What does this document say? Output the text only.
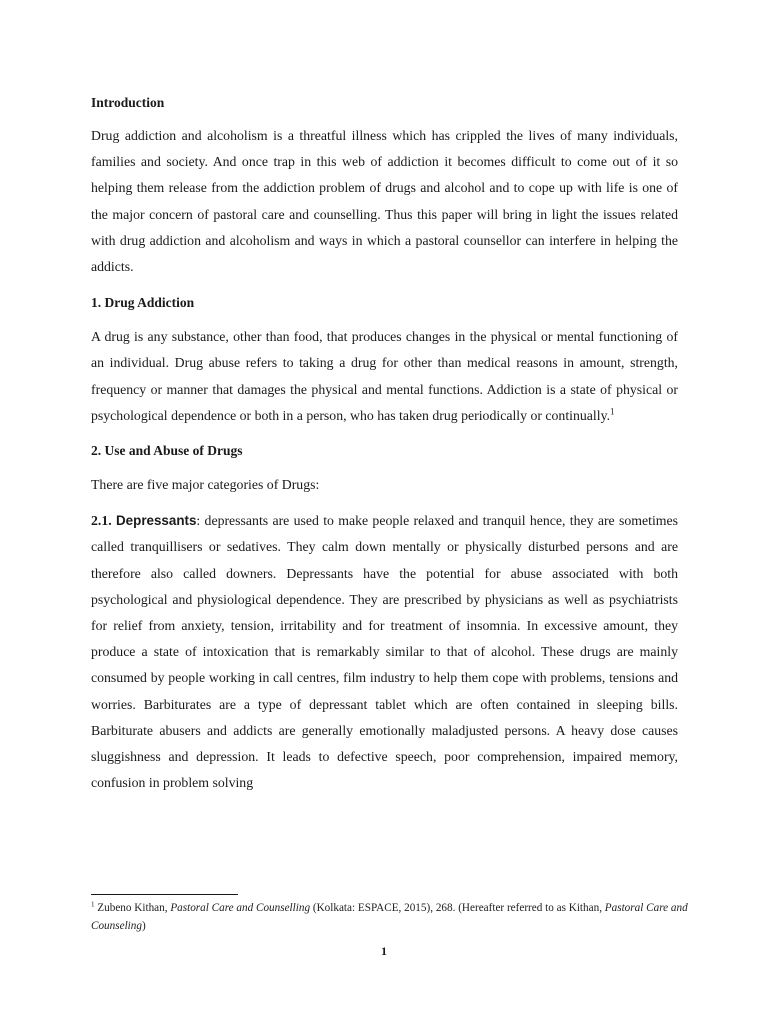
Introduction

Drug addiction and alcoholism is a threatful illness which has crippled the lives of many individuals, families and society. And once trap in this web of addiction it becomes difficult to come out of it so helping them release from the addiction problem of drugs and alcohol and to cope up with life is one of the major concern of pastoral care and counselling. Thus this paper will bring in light the issues related with drug addiction and alcoholism and ways in which a pastoral counsellor can interfere in helping the addicts.

1. Drug Addiction

A drug is any substance, other than food, that produces changes in the physical or mental functioning of an individual. Drug abuse refers to taking a drug for other than medical reasons in amount, strength, frequency or manner that damages the physical and mental functions. Addiction is a state of physical or psychological dependence or both in a person, who has taken drug periodically or continually.$^1$

2. Use and Abuse of Drugs

There are five major categories of Drugs:

2.1. Depressants: depressants are used to make people relaxed and tranquil hence, they are sometimes called tranquillisers or sedatives. They calm down mentally or physically disturbed persons and are therefore also called downers. Depressants have the potential for abuse associated with both psychological and physiological dependence. They are prescribed by physicians as well as psychiatrists for relief from anxiety, tension, irritability and for treatment of insomnia. In excessive amount, they produce a state of intoxication that is remarkably similar to that of alcohol. These drugs are mainly consumed by people working in call centres, film industry to help them cope with problems, tensions and worries. Barbiturates are a type of depressant tablet which are often contained in sleeping bills. Barbiturate abusers and addicts are generally emotionally maladjusted persons. A heavy dose causes sluggishness and depression. It leads to defective speech, poor comprehension, impaired memory, confusion in problem solving

$^1$ Zubeno Kithan, Pastoral Care and Counselling (Kolkata: ESPACE, 2015), 268. (Hereafter referred to as Kithan, Pastoral Care and Counseling)
1
